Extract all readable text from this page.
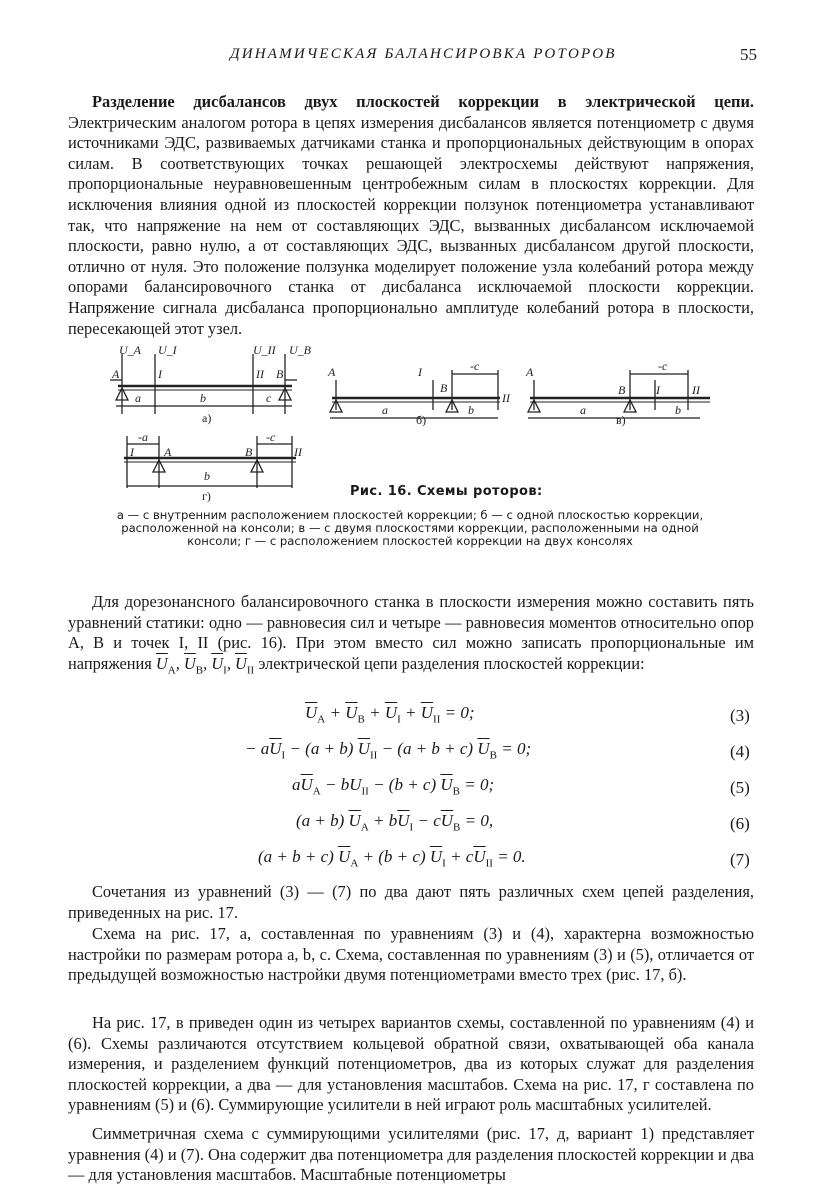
ДИНАМИЧЕСКАЯ БАЛАНСИРОВКА РОТОРОВ	55

Разделение дисбалансов двух плоскостей коррекции в электрической цепи. Электрическим аналогом ротора в цепях измерения дисбалансов является потенциометр с двумя источниками ЭДС, развиваемых датчиками станка и пропорциональных действующим в опорах силам. В соответствующих точках решающей электросхемы действуют напряжения, пропорциональные неуравновешенным центробежным силам в плоскостях коррекции. Для исключения влияния одной из плоскостей коррекции ползунок потенциометра устанавливают так, что напряжение на нем от составляющих ЭДС, вызванных дисбалансом исключаемой плоскости, равно нулю, а от составляющих ЭДС, вызванных дисбалансом другой плоскости, отлично от нуля. Это положение ползунка моделирует положение узла колебаний ротора между опорами балансировочного станка от дисбаланса исключаемой плоскости коррекции. Напряжение сигнала дисбаланса пропорционально амплитуде колебаний ротора в плоскости, пересекающей этот узел.

U_A U_I	U_II U_B
A	I	II B
a	b	c
а)
A	I
B
II
-c
a	b
б)
A
B	I	II
-c
a	b
в)
I	A	B	II
-a	-c
b
г)	Рис. 16. Схемы роторов:
а — с внутренним расположением плоскостей коррекции; б — с одной плоскостью коррекции, расположенной на консоли; в — с двумя плоскостями коррекции, расположенными на одной консоли; г — с расположением плоскостей коррекции на двух консолях

Для дорезонансного балансировочного станка в плоскости измерения можно составить пять уравнений статики: одно — равновесия сил и четыре — равновесия моментов относительно опор A, B и точек I, II (рис. 16). При этом вместо сил можно записать пропорциональные им напряжения $\overline{U}_A$, $\overline{U}_B$, $\overline{U}_I$, $\overline{U}_{II}$ электрической цепи разделения плоскостей коррекции:

$\overline{U}_A + \overline{U}_B + \overline{U}_I + \overline{U}_{II} = 0$;	(3)
− $a\overline{U}_I - (a + b) \overline{U}_{II} - (a + b + c) \overline{U}_B = 0$;	(4)
$a\overline{U}_A - bU_{II} - (b + c) \overline{U}_B = 0$;	(5)
(a + b) $\overline{U}_A + b\overline{U}_I - c\overline{U}_B = 0$,	(6)
(a + b + c) $\overline{U}_A + (b + c) \overline{U}_I + c\overline{U}_{II} = 0$.	(7)

Сочетания из уравнений (3) — (7) по два дают пять различных схем цепей разделения, приведенных на рис. 17.

Схема на рис. 17, а, составленная по уравнениям (3) и (4), характерна возможностью настройки по размерам ротора a, b, c. Схема, составленная по уравнениям (3) и (5), отличается от предыдущей возможностью настройки двумя потенциометрами вместо трех (рис. 17, б).

На рис. 17, в приведен один из четырех вариантов схемы, составленной по уравнениям (4) и (6). Схемы различаются отсутствием кольцевой обратной связи, охватывающей оба канала измерения, и разделением функций потенциометров, два из которых служат для разделения плоскостей коррекции, а два — для установления масштабов. Схема на рис. 17, г составлена по уравнениям (5) и (6). Суммирующие усилители в ней играют роль масштабных усилителей.

Симметричная схема с суммирующими усилителями (рис. 17, д, вариант 1) представляет уравнения (4) и (7). Она содержит два потенциометра для разделения плоскостей коррекции и два — для установления масштабов. Масштабные потенциометры
